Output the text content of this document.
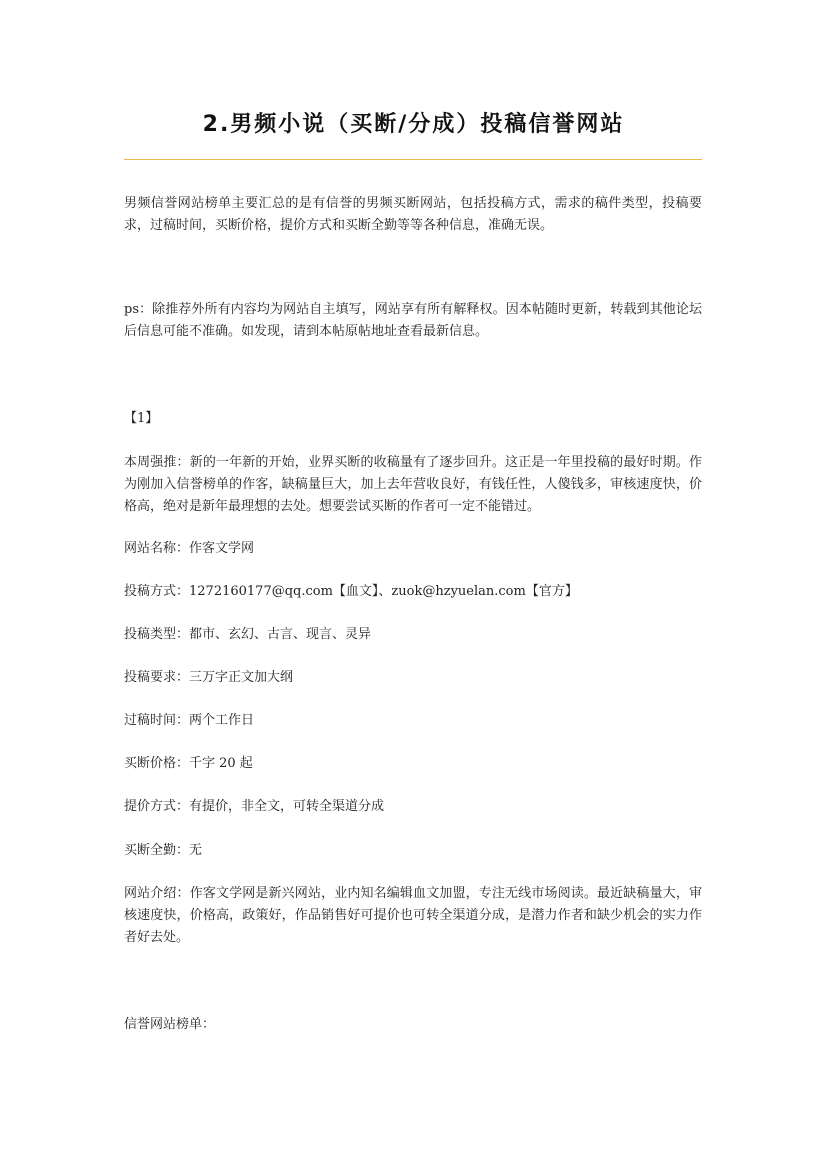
2.男频小说（买断/分成）投稿信誉网站
男频信誉网站榜单主要汇总的是有信誉的男频买断网站，包括投稿方式，需求的稿件类型，投稿要求，过稿时间，买断价格，提价方式和买断全勤等等各种信息，准确无误。
ps：除推荐外所有内容均为网站自主填写，网站享有所有解释权。因本帖随时更新，转载到其他论坛后信息可能不准确。如发现，请到本帖原帖地址查看最新信息。
【1】
本周强推：新的一年新的开始，业界买断的收稿量有了逐步回升。这正是一年里投稿的最好时期。作为刚加入信誉榜单的作客，缺稿量巨大，加上去年营收良好，有钱任性，人傻钱多，审核速度快，价格高，绝对是新年最理想的去处。想要尝试买断的作者可一定不能错过。
网站名称：作客文学网
投稿方式：1272160177@qq.com【血文】、zuok@hzyuelan.com【官方】
投稿类型：都市、玄幻、古言、现言、灵异
投稿要求：三万字正文加大纲
过稿时间：两个工作日
买断价格：千字 20 起
提价方式：有提价，非全文，可转全渠道分成
买断全勤：无
网站介绍：作客文学网是新兴网站，业内知名编辑血文加盟，专注无线市场阅读。最近缺稿量大，审核速度快，价格高，政策好，作品销售好可提价也可转全渠道分成，是潜力作者和缺少机会的实力作者好去处。
信誉网站榜单：
